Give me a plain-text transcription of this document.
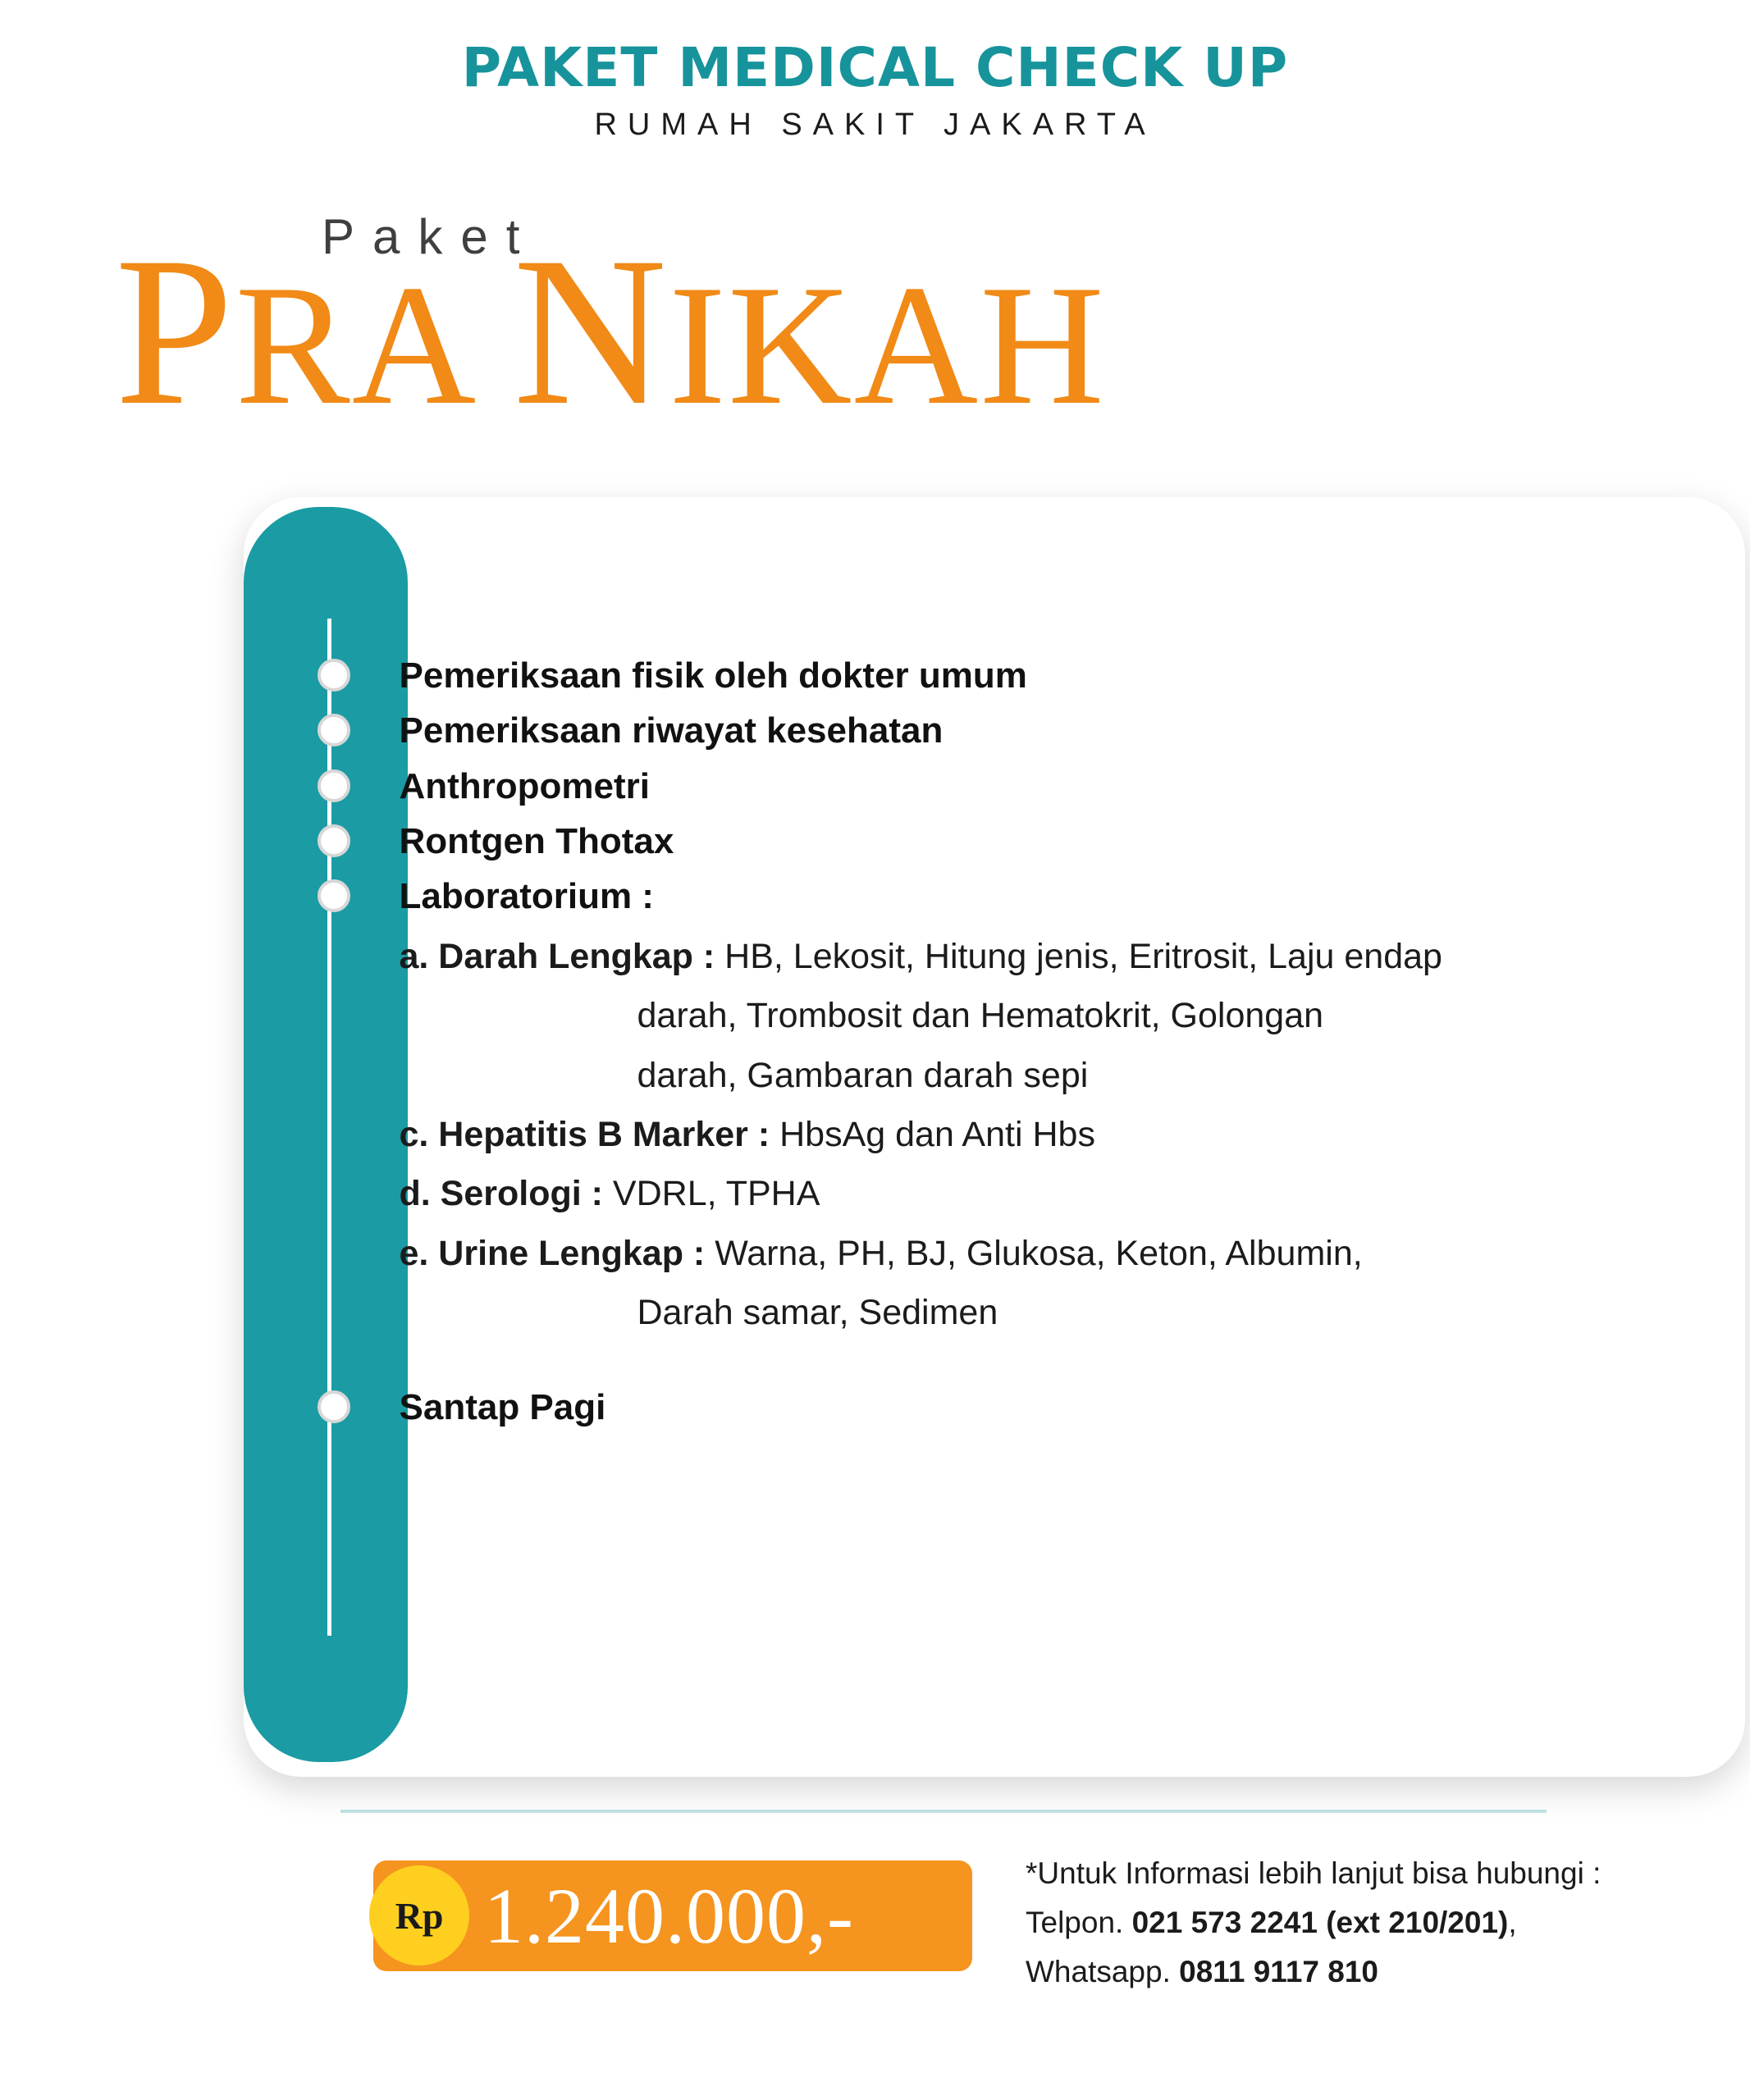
PAKET MEDICAL CHECK UP
RUMAH SAKIT JAKARTA
Paket
PRA NIKAH
Pemeriksaan fisik oleh dokter umum
Pemeriksaan riwayat kesehatan
Anthropometri
Rontgen Thotax
Laboratorium :
a. Darah Lengkap : HB, Lekosit, Hitung jenis, Eritrosit, Laju endap
darah, Trombosit dan Hematokrit, Golongan
darah, Gambaran darah sepi
c. Hepatitis B Marker : HbsAg dan Anti Hbs
d. Serologi : VDRL, TPHA
e. Urine Lengkap : Warna, PH, BJ, Glukosa, Keton, Albumin,
Darah samar, Sedimen
Santap Pagi
Rp 1.240.000,-	*Untuk Informasi lebih lanjut bisa hubungi :
Telpon. 021 573 2241 (ext 210/201),
Whatsapp. 0811 9117 810
